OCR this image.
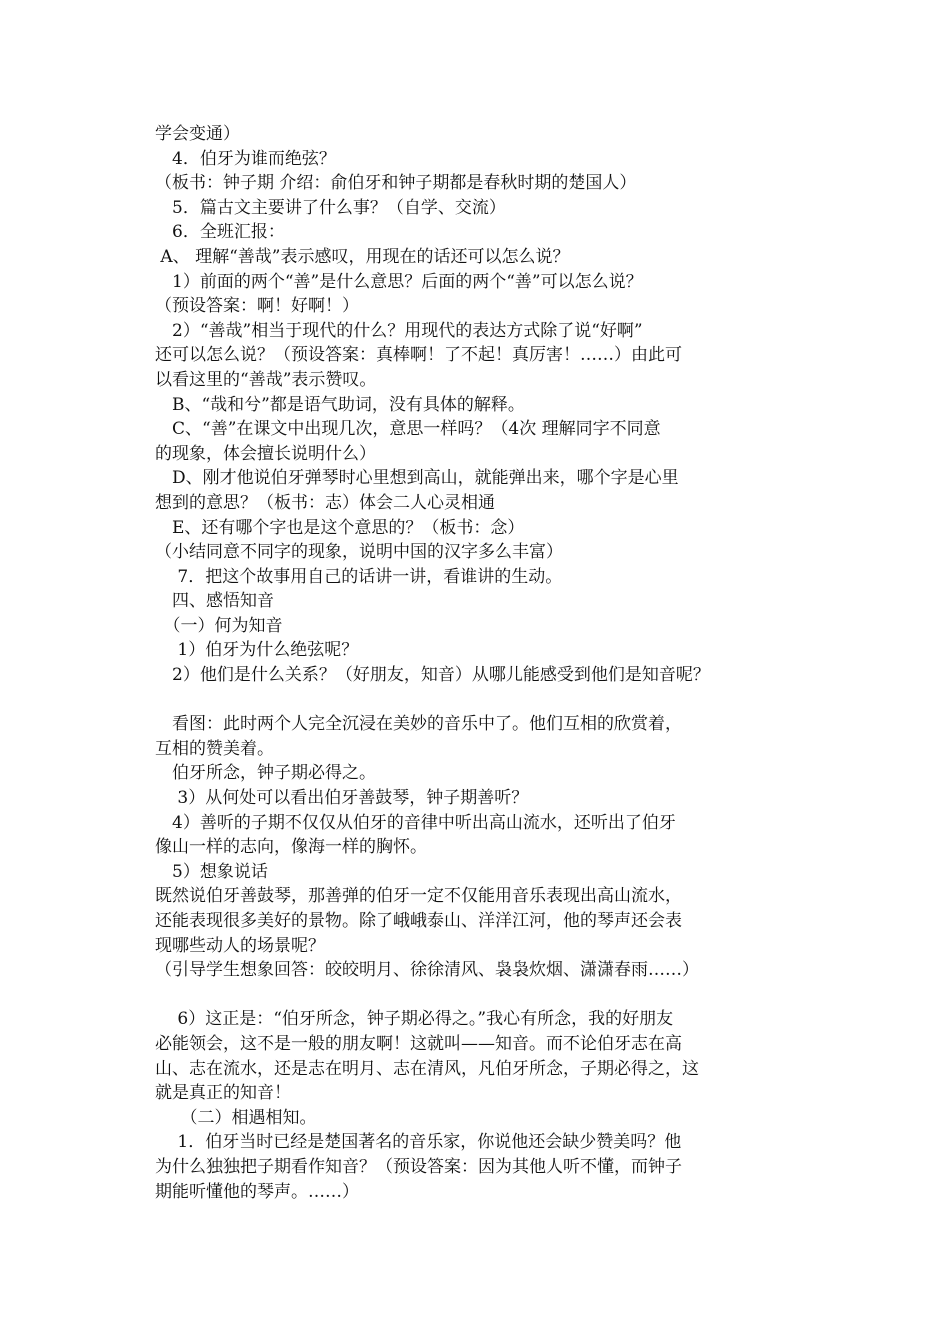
学会变通）

　4．伯牙为谁而绝弦？

（板书：钟子期 介绍：俞伯牙和钟子期都是春秋时期的楚国人）

　5．篇古文主要讲了什么事？（自学、交流）

　6．全班汇报：

A、 理解“善哉”表示感叹，用现在的话还可以怎么说？

　1）前面的两个“善”是什么意思？后面的两个“善”可以怎么说？

（预设答案：啊！好啊！）

　2）“善哉”相当于现代的什么？用现代的表达方式除了说“好啊”

还可以怎么说？（预设答案：真棒啊！了不起！真厉害！……）由此可

以看这里的“善哉”表示赞叹。

　B、“哉和兮”都是语气助词，没有具体的解释。

　C、“善”在课文中出现几次，意思一样吗？（4次 理解同字不同意

的现象，体会擅长说明什么）

　D、刚才他说伯牙弹琴时心里想到高山，就能弹出来，哪个字是心里

想到的意思？（板书：志）体会二人心灵相通

　E、还有哪个字也是这个意思的？（板书：念）

（小结同意不同字的现象，说明中国的汉字多么丰富）

　 7．把这个故事用自己的话讲一讲，看谁讲的生动。

　四、感悟知音

　（一）何为知音

　 1）伯牙为什么绝弦呢？

　2）他们是什么关系？（好朋友，知音）从哪儿能感受到他们是知音呢？

　看图：此时两个人完全沉浸在美妙的音乐中了。他们互相的欣赏着，

互相的赞美着。

　伯牙所念，钟子期必得之。

　 3）从何处可以看出伯牙善鼓琴，钟子期善听？

　4）善听的子期不仅仅从伯牙的音律中听出高山流水，还听出了伯牙

像山一样的志向，像海一样的胸怀。

　5）想象说话

既然说伯牙善鼓琴，那善弹的伯牙一定不仅能用音乐表现出高山流水，

还能表现很多美好的景物。除了峨峨泰山、洋洋江河，他的琴声还会表

现哪些动人的场景呢？

（引导学生想象回答：皎皎明月、徐徐清风、袅袅炊烟、潇潇春雨……）

　 6）这正是：“伯牙所念，钟子期必得之。”我心有所念，我的好朋友

必能领会，这不是一般的朋友啊！这就叫——知音。而不论伯牙志在高

山、志在流水，还是志在明月、志在清风，凡伯牙所念，子期必得之，这

就是真正的知音！

　　（二）相遇相知。

　 1．伯牙当时已经是楚国著名的音乐家，你说他还会缺少赞美吗？他

为什么独独把子期看作知音？（预设答案：因为其他人听不懂，而钟子

期能听懂他的琴声。……）
